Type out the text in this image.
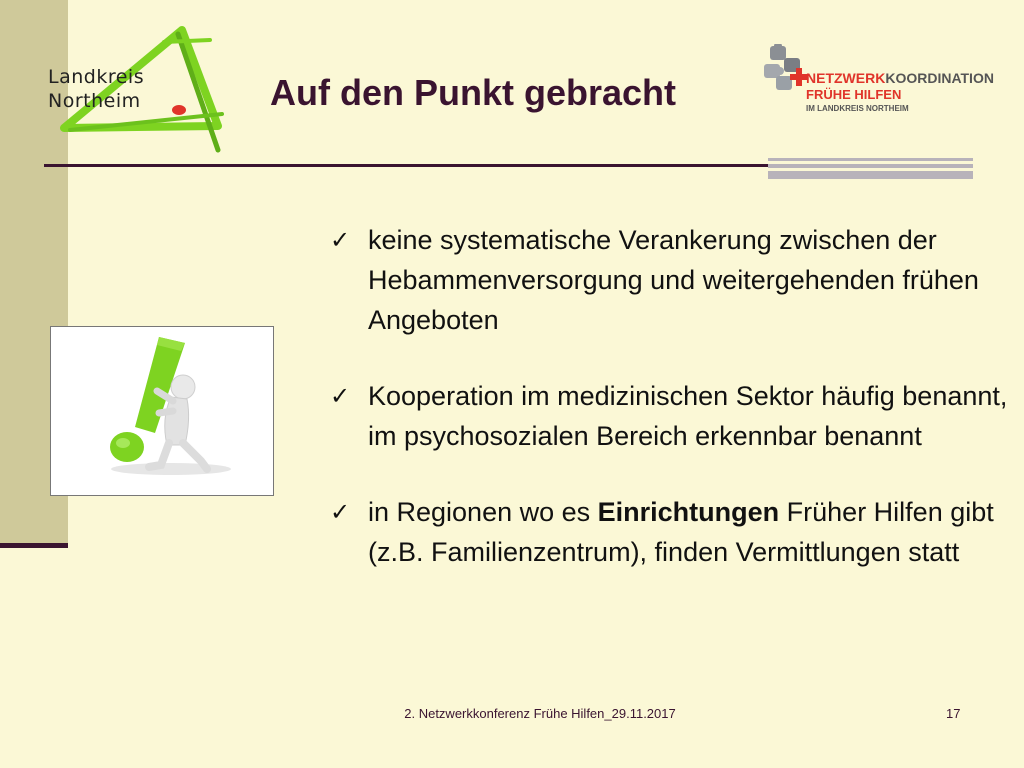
Landkreis
Northeim	Auf den Punkt gebracht	NETZWERKKOORDINATION
FRÜHE HILFEN
IM LANDKREIS NORTHEIM
✓ keine systematische Verankerung zwischen der Hebammenversorgung und weitergehenden frühen Angeboten
✓ Kooperation im medizinischen Sektor häufig benannt, im psychosozialen Bereich erkennbar benannt
✓ in Regionen wo es Einrichtungen Früher Hilfen gibt (z.B. Familienzentrum), finden Vermittlungen statt
2. Netzwerkkonferenz Frühe Hilfen_29.11.2017	17
